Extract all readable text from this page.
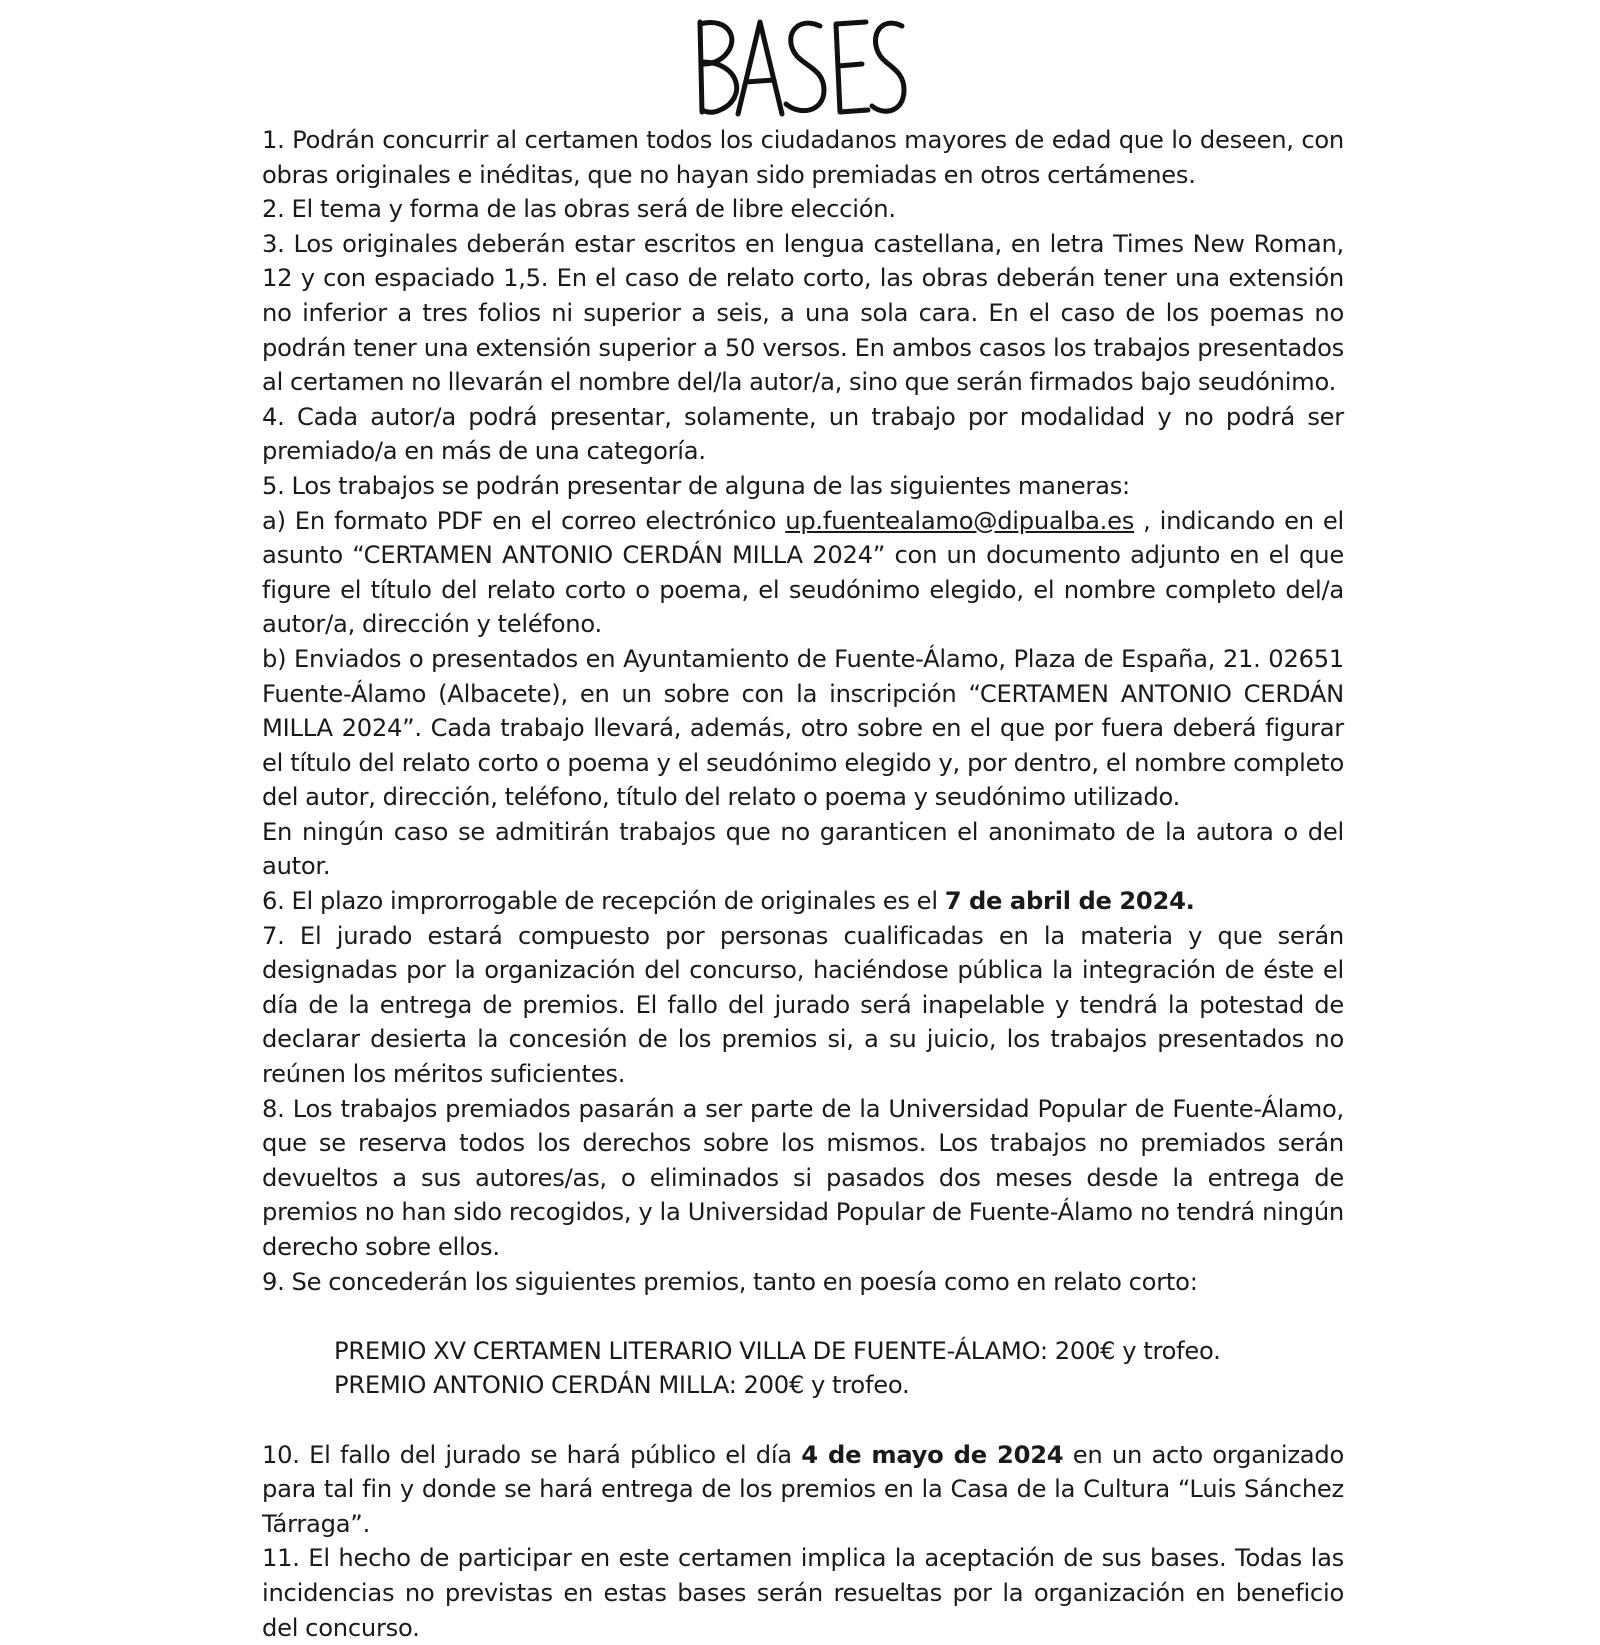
1. Podrán concurrir al certamen todos los ciudadanos mayores de edad que lo deseen, con obras originales e inéditas, que no hayan sido premiadas en otros certámenes.

2. El tema y forma de las obras será de libre elección.

3. Los originales deberán estar escritos en lengua castellana, en letra Times New Roman, 12 y con espaciado 1,5. En el caso de relato corto, las obras deberán tener una extensión no inferior a tres folios ni superior a seis, a una sola cara. En el caso de los poemas no podrán tener una extensión superior a 50 versos. En ambos casos los trabajos presentados al certamen no llevarán el nombre del/la autor/a, sino que serán firmados bajo seudónimo.

4. Cada autor/a podrá presentar, solamente, un trabajo por modalidad y no podrá ser premiado/a en más de una categoría.

5. Los trabajos se podrán presentar de alguna de las siguientes maneras:

a) En formato PDF en el correo electrónico up.fuentealamo@dipualba.es , indicando en el asunto “CERTAMEN ANTONIO CERDÁN MILLA 2024” con un documento adjunto en el que figure el título del relato corto o poema, el seudónimo elegido, el nombre completo del/a autor/a, dirección y teléfono.

b) Enviados o presentados en Ayuntamiento de Fuente-Álamo, Plaza de España, 21. 02651 Fuente-Álamo (Albacete), en un sobre con la inscripción “CERTAMEN ANTONIO CERDÁN MILLA 2024”. Cada trabajo llevará, además, otro sobre en el que por fuera deberá figurar el título del relato corto o poema y el seudónimo elegido y, por dentro, el nombre completo del autor, dirección, teléfono, título del relato o poema y seudónimo utilizado.

En ningún caso se admitirán trabajos que no garanticen el anonimato de la autora o del autor.

6. El plazo improrrogable de recepción de originales es el 7 de abril de 2024.

7. El jurado estará compuesto por personas cualificadas en la materia y que serán designadas por la organización del concurso, haciéndose pública la integración de éste el día de la entrega de premios. El fallo del jurado será inapelable y tendrá la potestad de declarar desierta la concesión de los premios si, a su juicio, los trabajos presentados no reúnen los méritos suficientes.

8. Los trabajos premiados pasarán a ser parte de la Universidad Popular de Fuente-Álamo, que se reserva todos los derechos sobre los mismos. Los trabajos no premiados serán devueltos a sus autores/as, o eliminados si pasados dos meses desde la entrega de premios no han sido recogidos, y la Universidad Popular de Fuente-Álamo no tendrá ningún derecho sobre ellos.

9. Se concederán los siguientes premios, tanto en poesía como en relato corto:

PREMIO XV CERTAMEN LITERARIO VILLA DE FUENTE-ÁLAMO: 200€ y trofeo.

PREMIO ANTONIO CERDÁN MILLA: 200€ y trofeo.

10. El fallo del jurado se hará público el día 4 de mayo de 2024 en un acto organizado para tal fin y donde se hará entrega de los premios en la Casa de la Cultura “Luis Sánchez Tárraga”.

11. El hecho de participar en este certamen implica la aceptación de sus bases. Todas las incidencias no previstas en estas bases serán resueltas por la organización en beneficio del concurso.
